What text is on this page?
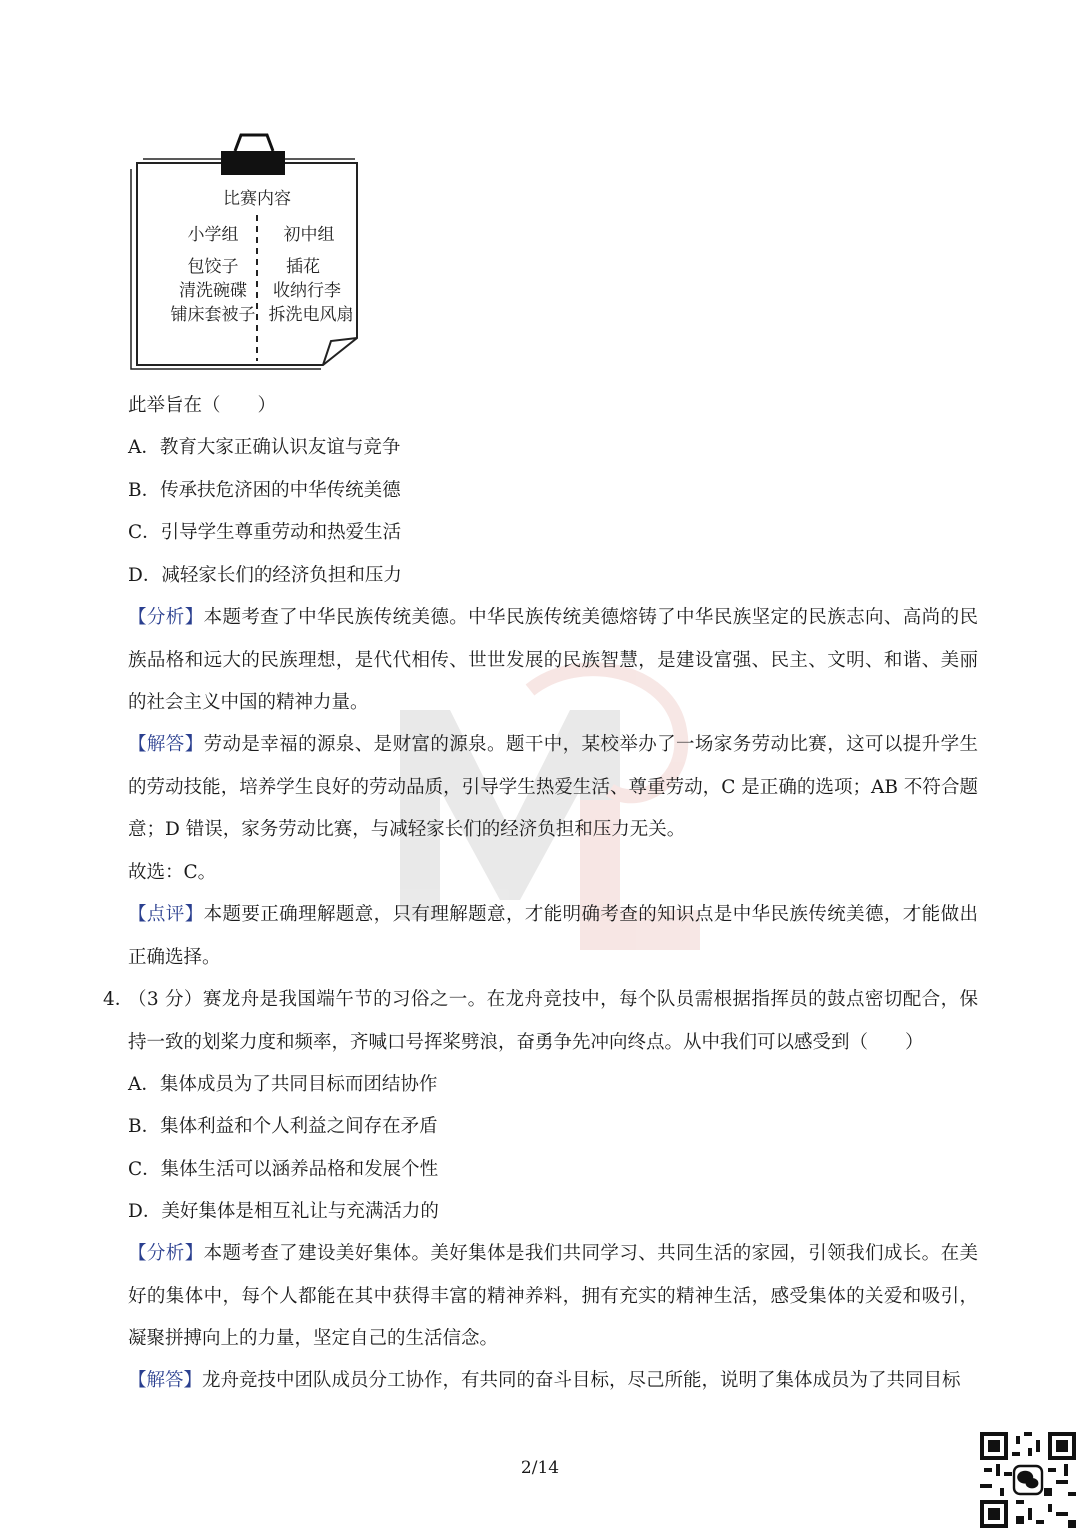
比赛内容
小学组
包饺子
清洗碗碟
铺床套被子
初中组
插花
收纳行李
拆洗电风扇
此举旨在（　　）
A．教育大家正确认识友谊与竞争
B．传承扶危济困的中华传统美德
C．引导学生尊重劳动和热爱生活
D．减轻家长们的经济负担和压力
【分析】本题考查了中华民族传统美德。中华民族传统美德熔铸了中华民族坚定的民族志向、高尚的民族品格和远大的民族理想，是代代相传、世世发展的民族智慧，是建设富强、民主、文明、和谐、美丽的社会主义中国的精神力量。
【解答】劳动是幸福的源泉、是财富的源泉。题干中，某校举办了一场家务劳动比赛，这可以提升学生的劳动技能，培养学生良好的劳动品质，引导学生热爱生活、尊重劳动，C 是正确的选项；AB 不符合题意；D 错误，家务劳动比赛，与减轻家长们的经济负担和压力无关。
故选：C。
【点评】本题要正确理解题意，只有理解题意，才能明确考查的知识点是中华民族传统美德，才能做出正确选择。
4．
（3 分）赛龙舟是我国端午节的习俗之一。在龙舟竞技中，每个队员需根据指挥员的鼓点密切配合，保持一致的划桨力度和频率，齐喊口号挥桨劈浪，奋勇争先冲向终点。从中我们可以感受到（　　）
A．集体成员为了共同目标而团结协作
B．集体利益和个人利益之间存在矛盾
C．集体生活可以涵养品格和发展个性
D．美好集体是相互礼让与充满活力的
【分析】本题考查了建设美好集体。美好集体是我们共同学习、共同生活的家园，引领我们成长。在美好的集体中，每个人都能在其中获得丰富的精神养料，拥有充实的精神生活，感受集体的关爱和吸引，凝聚拼搏向上的力量，坚定自己的生活信念。
【解答】龙舟竞技中团队成员分工协作，有共同的奋斗目标，尽己所能，说明了集体成员为了共同目标
2/14
